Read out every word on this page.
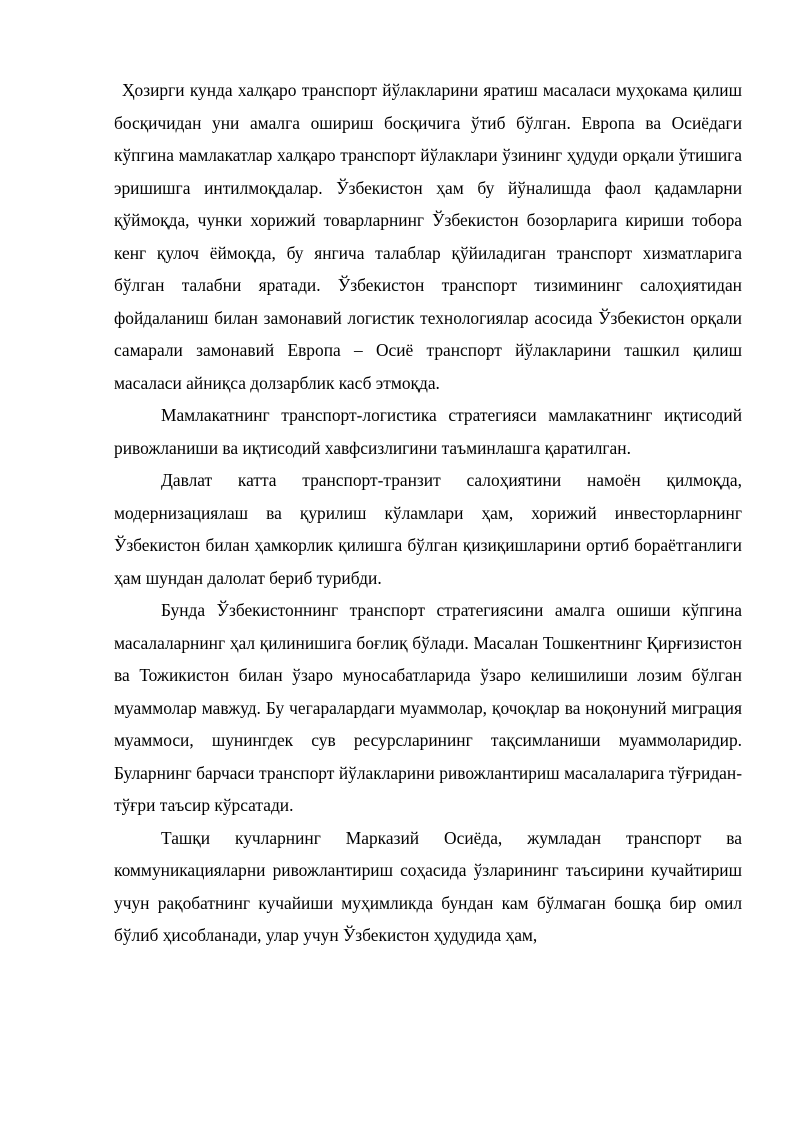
Ҳозирги кунда халқаро транспорт йўлакларини яратиш масаласи муҳокама қилиш босқичидан уни амалга ошириш босқичига ўтиб бўлган. Европа ва Осиёдаги кўпгина мамлакатлар халқаро транспорт йўлаклари ўзининг ҳудуди орқали ўтишига эришишга интилмоқдалар. Ўзбекистон ҳам бу йўналишда фаол қадамларни қўймоқда, чунки хорижий товарларнинг Ўзбекистон бозорларига кириши тобора кенг қулоч ёймоқда, бу янгича талаблар қўйиладиган транспорт хизматларига бўлган талабни яратади. Ўзбекистон транспорт тизимининг салоҳиятидан фойдаланиш билан замонавий логистик технологиялар асосида Ўзбекистон орқали самарали замонавий Европа – Осиё транспорт йўлакларини ташкил қилиш масаласи айниқса долзарблик касб этмоқда.

Мамлакатнинг транспорт-логистика стратегияси мамлакатнинг иқтисодий ривожланиши ва иқтисодий хавфсизлигини таъминлашга қаратилган.

Давлат катта транспорт-транзит салоҳиятини намоён қилмоқда, модернизациялаш ва қурилиш кўламлари ҳам, хорижий инвесторларнинг Ўзбекистон билан ҳамкорлик қилишга бўлган қизиқишларини ортиб бораётганлиги ҳам шундан далолат бериб турибди.

Бунда Ўзбекистоннинг транспорт стратегиясини амалга ошиши кўпгина масалаларнинг ҳал қилинишига боғлиқ бўлади. Масалан Тошкентнинг Қирғизистон ва Тожикистон билан ўзаро муносабатларида ўзаро келишилиши лозим бўлган муаммолар мавжуд. Бу чегаралардаги муаммолар, қочоқлар ва ноқонуний миграция муаммоси, шунингдек сув ресурсларининг тақсимланиши муаммоларидир. Буларнинг барчаси транспорт йўлакларини ривожлантириш масалаларига тўғридан-тўғри таъсир кўрсатади.

Ташқи кучларнинг Марказий Осиёда, жумладан транспорт ва коммуникацияларни ривожлантириш соҳасида ўзларининг таъсирини кучайтириш учун рақобатнинг кучайиши муҳимликда бундан кам бўлмаган бошқа бир омил бўлиб ҳисобланади, улар учун Ўзбекистон ҳудудида ҳам,
